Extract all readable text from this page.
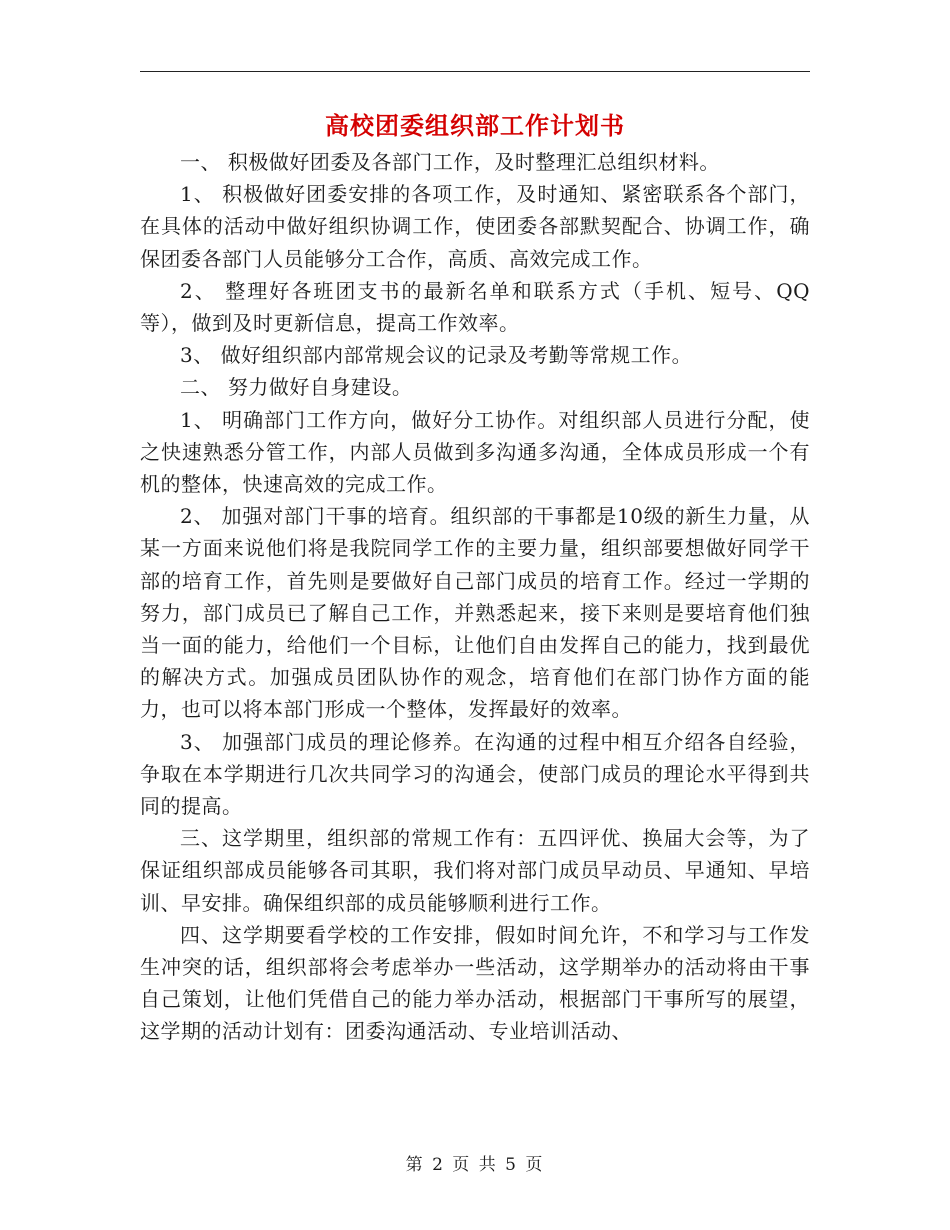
高校团委组织部工作计划书

一、 积极做好团委及各部门工作，及时整理汇总组织材料。

1、 积极做好团委安排的各项工作，及时通知、紧密联系各个部门，在具体的活动中做好组织协调工作，使团委各部默契配合、协调工作，确保团委各部门人员能够分工合作，高质、高效完成工作。

2、 整理好各班团支书的最新名单和联系方式（手机、短号、QQ等），做到及时更新信息，提高工作效率。

3、 做好组织部内部常规会议的记录及考勤等常规工作。

二、 努力做好自身建设。

1、 明确部门工作方向，做好分工协作。对组织部人员进行分配，使之快速熟悉分管工作，内部人员做到多沟通多沟通，全体成员形成一个有机的整体，快速高效的完成工作。

2、 加强对部门干事的培育。组织部的干事都是10级的新生力量，从某一方面来说他们将是我院同学工作的主要力量，组织部要想做好同学干部的培育工作，首先则是要做好自己部门成员的培育工作。经过一学期的努力，部门成员已了解自己工作，并熟悉起来，接下来则是要培育他们独当一面的能力，给他们一个目标，让他们自由发挥自己的能力，找到最优的解决方式。加强成员团队协作的观念，培育他们在部门协作方面的能力，也可以将本部门形成一个整体，发挥最好的效率。

3、 加强部门成员的理论修养。在沟通的过程中相互介绍各自经验，争取在本学期进行几次共同学习的沟通会，使部门成员的理论水平得到共同的提高。

三、这学期里，组织部的常规工作有：五四评优、换届大会等，为了保证组织部成员能够各司其职，我们将对部门成员早动员、早通知、早培训、早安排。确保组织部的成员能够顺利进行工作。

四、这学期要看学校的工作安排，假如时间允许，不和学习与工作发生冲突的话，组织部将会考虑举办一些活动，这学期举办的活动将由干事自己策划，让他们凭借自己的能力举办活动，根据部门干事所写的展望，这学期的活动计划有：团委沟通活动、专业培训活动、

第 2 页 共 5 页
